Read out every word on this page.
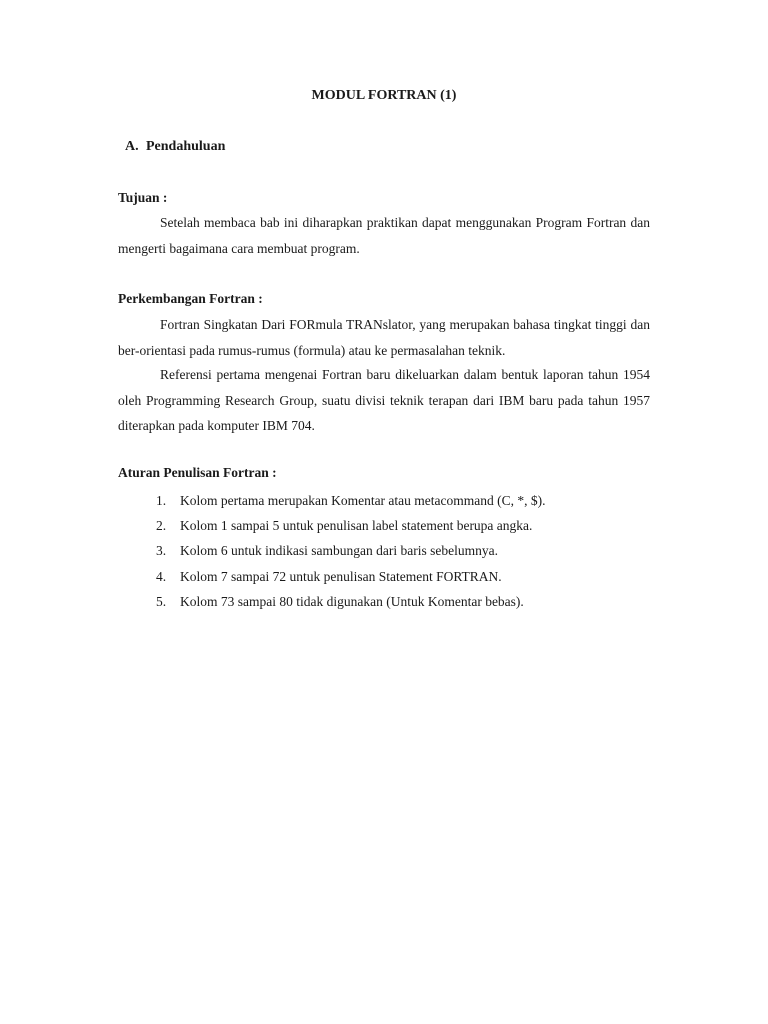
MODUL FORTRAN (1)
A. Pendahuluan
Tujuan :

Setelah membaca bab ini diharapkan praktikan dapat menggunakan Program Fortran dan mengerti bagaimana cara membuat program.

Perkembangan Fortran :

Fortran Singkatan Dari FORmula TRANslator, yang merupakan bahasa tingkat tinggi dan ber-orientasi pada rumus-rumus (formula) atau ke permasalahan teknik.

Referensi pertama mengenai Fortran baru dikeluarkan dalam bentuk laporan tahun 1954 oleh Programming Research Group, suatu divisi teknik terapan dari IBM baru pada tahun 1957 diterapkan pada komputer IBM 704.

Aturan Penulisan Fortran :
1. Kolom pertama merupakan Komentar atau metacommand (C, *, $).
2. Kolom 1 sampai 5 untuk penulisan label statement berupa angka.
3. Kolom 6 untuk indikasi sambungan dari baris sebelumnya.
4. Kolom 7 sampai 72 untuk penulisan Statement FORTRAN.
5. Kolom 73 sampai 80 tidak digunakan (Untuk Komentar bebas).
